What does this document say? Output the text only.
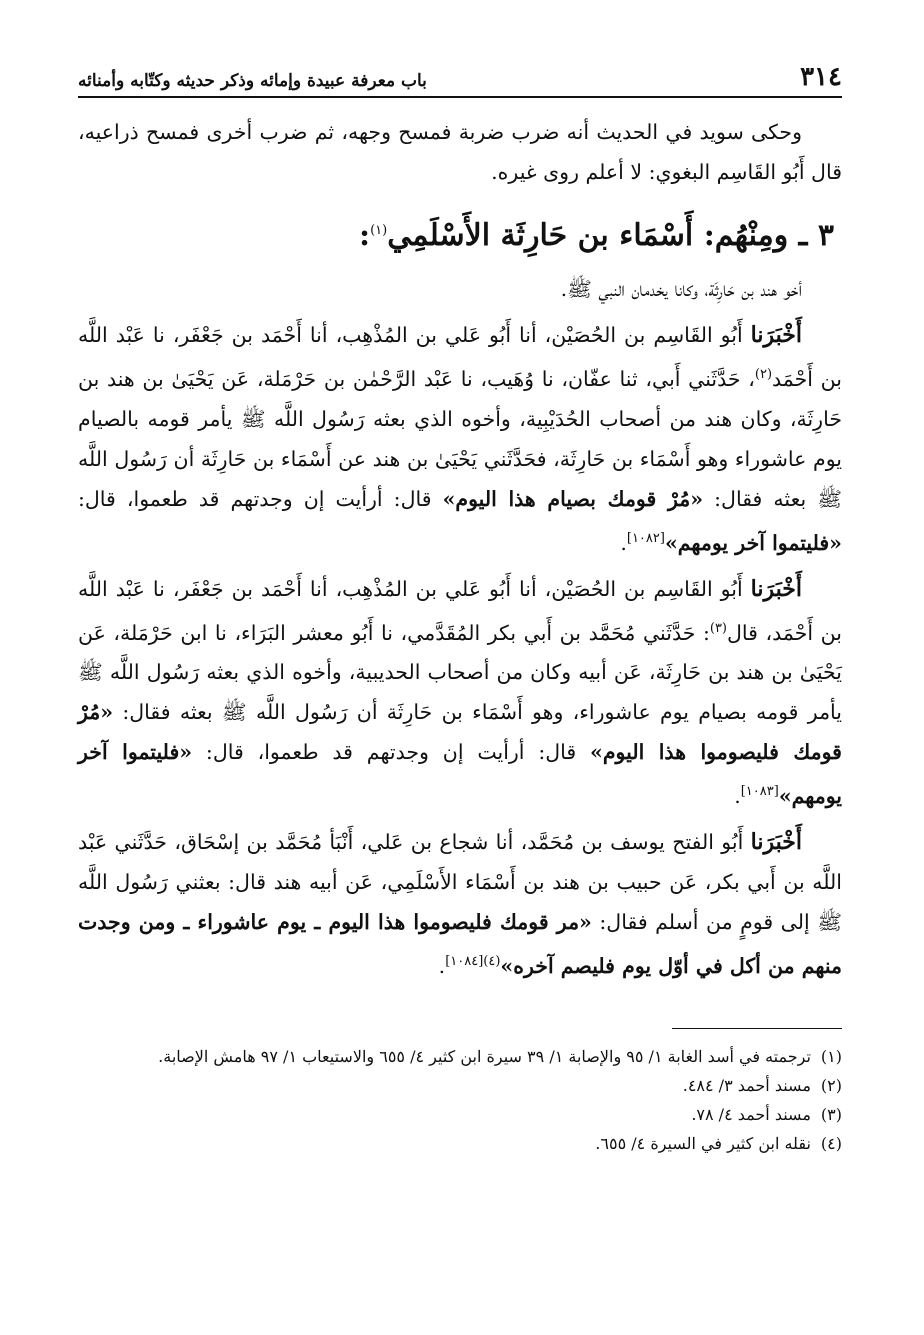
٣١٤
باب معرفة عبيدة وإمائه وذكر حديثه وكتّابه وأمنائه

وحكى سويد في الحديث أنه ضرب ضربة فمسح وجهه، ثم ضرب أخرى فمسح ذراعيه، قال أَبُو القَاسِم البغوي: لا أعلم روى غيره.

٣ ـ ومِنْهُم: أَسْمَاء بن حَارِثَة الأَسْلَمِي$^{(١)}$:

أخو هند بن حَارِثَة، وكانا يخدمان النبي ﷺ.

أَخْبَرَنا أَبُو القَاسِم بن الحُصَيْن، أنا أَبُو عَلي بن المُذْهِب، أنا أَحْمَد بن جَعْفَر، نا عَبْد اللَّه بن أَحْمَد$^{(٢)}$، حَدَّثَني أَبي، ثنا عفّان، نا وُهَيب، نا عَبْد الرَّحْمٰن بن حَرْمَلة، عَن يَحْيَىٰ بن هند بن حَارِثَة، وكان هند من أصحاب الحُدَيْبِية، وأخوه الذي بعثه رَسُول اللَّه ﷺ يأمر قومه بالصيام يوم عاشوراء وهو أَسْمَاء بن حَارِثَة، فحَدَّثَني يَحْيَىٰ بن هند عن أَسْمَاء بن حَارِثَة أن رَسُول اللَّه ﷺ بعثه فقال: «مُرْ قومك بصيام هذا اليوم» قال: أرأيت إن وجدتهم قد طعموا، قال: «فليتموا آخر يومهم»[١٠٨٢].

أَخْبَرَنا أَبُو القَاسِم بن الحُصَيْن، أنا أَبُو عَلي بن المُذْهِب، أنا أَحْمَد بن جَعْفَر، نا عَبْد اللَّه بن أَحْمَد، قال$^{(٣)}$: حَدَّثَني مُحَمَّد بن أَبي بكر المُقَدَّمي، نا أَبُو معشر البَرَاء، نا ابن حَرْمَلة، عَن يَحْيَىٰ بن هند بن حَارِثَة، عَن أبيه وكان من أصحاب الحديبية، وأخوه الذي بعثه رَسُول اللَّه ﷺ يأمر قومه بصيام يوم عاشوراء، وهو أَسْمَاء بن حَارِثَة أن رَسُول اللَّه ﷺ بعثه فقال: «مُرْ قومك فليصوموا هذا اليوم» قال: أرأيت إن وجدتهم قد طعموا، قال: «فليتموا آخر يومهم»[١٠٨٣].

أَخْبَرَنا أَبُو الفتح يوسف بن مُحَمَّد، أنا شجاع بن عَلي، أَنْبَأ مُحَمَّد بن إسْحَاق، حَدَّثَني عَبْد اللَّه بن أَبي بكر، عَن حبيب بن هند بن أَسْمَاء الأَسْلَمِي، عَن أبيه هند قال: بعثني رَسُول اللَّه ﷺ إلى قومٍ من أسلم فقال: «مر قومك فليصوموا هذا اليوم ـ يوم عاشوراء ـ ومن وجدت منهم من أكل في أوّل يوم فليصم آخره»$^{(٤)[١٠٨٤]}$.

(١)
ترجمته في أسد الغابة ١/ ٩٥ والإصابة ١/ ٣٩ سيرة ابن كثير ٤/ ٦٥٥ والاستيعاب ١/ ٩٧ هامش الإصابة.
(٢)
مسند أحمد ٣/ ٤٨٤.
(٣)
مسند أحمد ٤/ ٧٨.
(٤)
نقله ابن كثير في السيرة ٤/ ٦٥٥.
